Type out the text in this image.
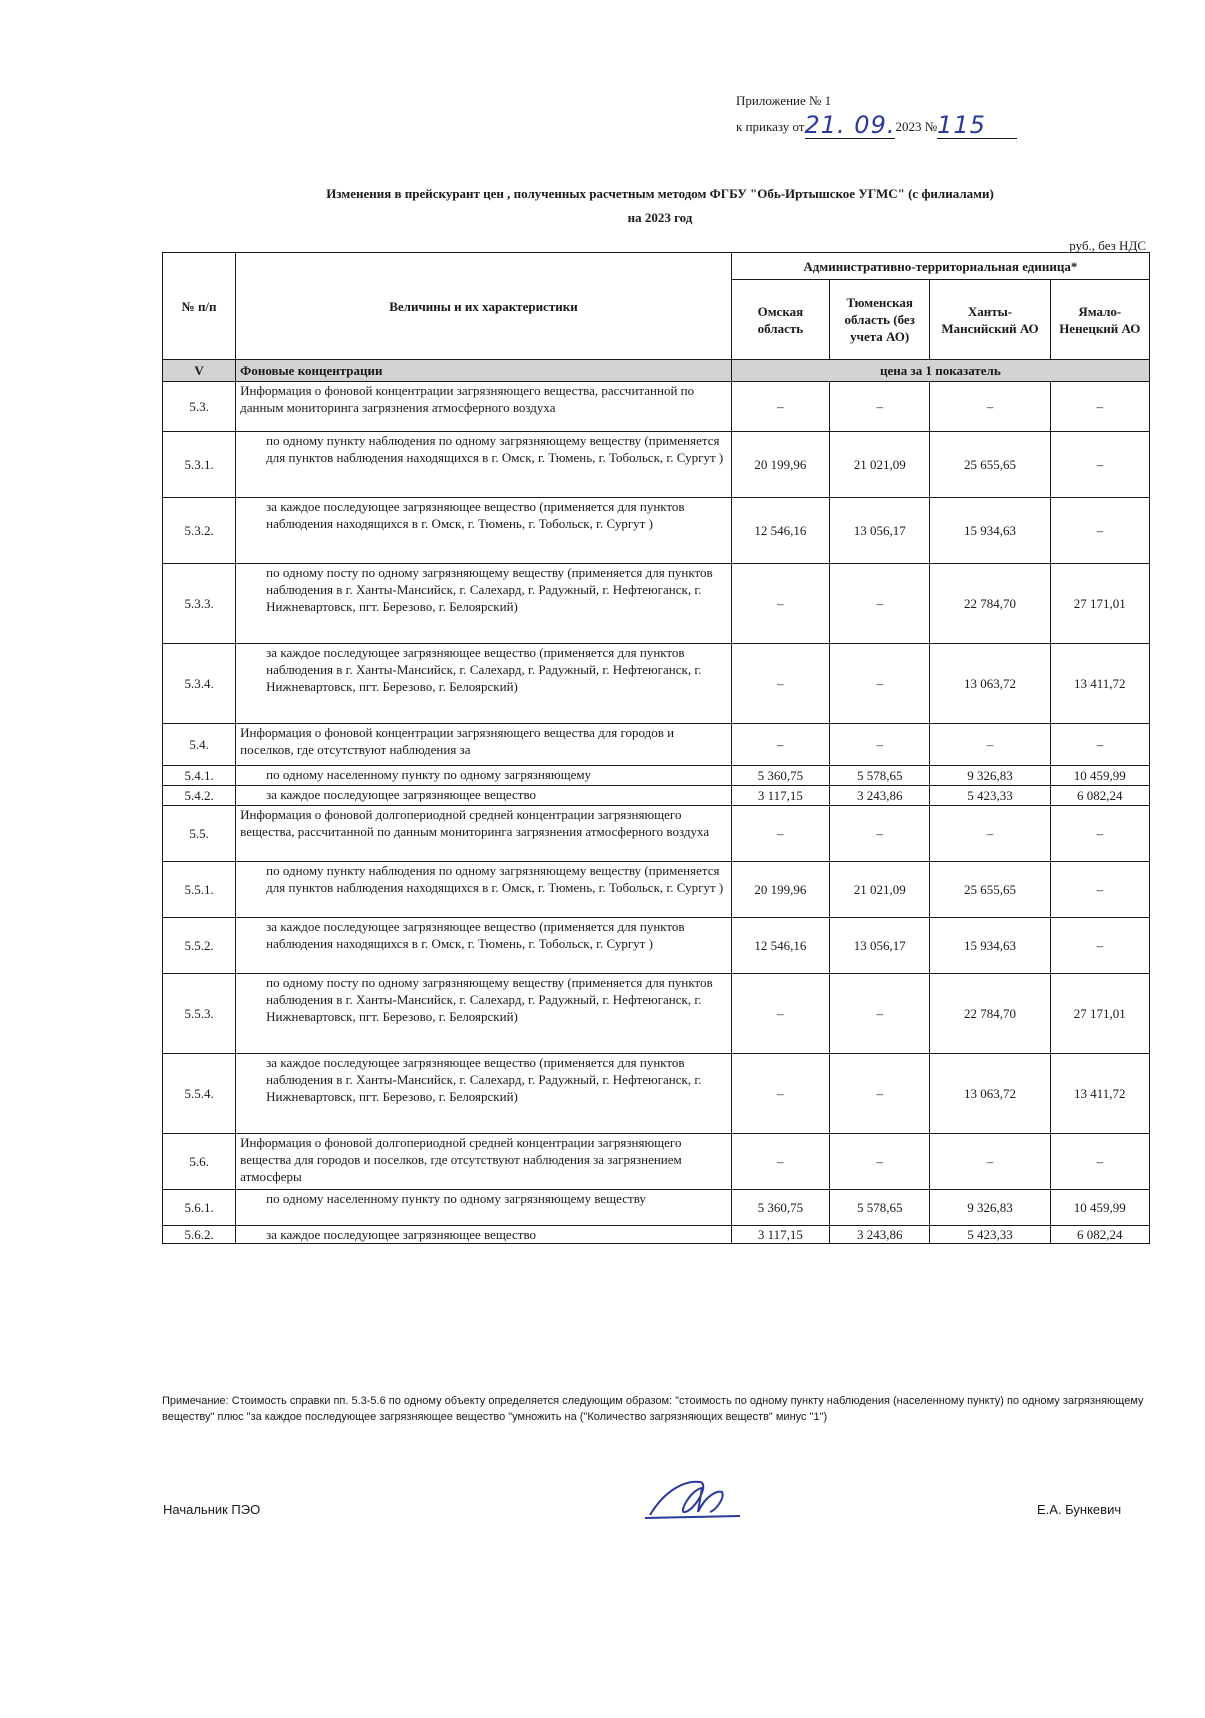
Приложение № 1
к приказу от21. 09.2023 №115
Изменения в прейскурант цен , полученных расчетным методом ФГБУ "Обь-Иртышское УГМС" (с филиалами)
на 2023 год
руб., без НДС
№ п/п	Величины и их характеристики	Административно-территориальная единица*			
		Омская область	Тюменская область (без учета АО)	Ханты-Мансийский АО	Ямало-Ненецкий АО
V	Фоновые концентрации	цена за 1 показатель			
5.3.	Информация о фоновой концентрации загрязняющего вещества, рассчитанной по данным мониторинга загрязнения атмосферного воздуха	–	–	–	–
5.3.1.	по одному пункту наблюдения по одному загрязняющему веществу (применяется для пунктов наблюдения находящихся в г. Омск, г. Тюмень, г. Тобольск, г. Сургут )	20 199,96	21 021,09	25 655,65	–
5.3.2.	за каждое последующее загрязняющее вещество (применяется для пунктов наблюдения находящихся в г. Омск, г. Тюмень, г. Тобольск, г. Сургут )	12 546,16	13 056,17	15 934,63	–
5.3.3.	по одному посту по одному загрязняющему веществу (применяется для пунктов наблюдения в г. Ханты-Мансийск, г. Салехард, г. Радужный, г. Нефтеюганск, г. Нижневартовск, пгт. Березово, г. Белоярский)	–	–	22 784,70	27 171,01
5.3.4.	за каждое последующее загрязняющее вещество (применяется для пунктов наблюдения в г. Ханты-Мансийск, г. Салехард, г. Радужный, г. Нефтеюганск, г. Нижневартовск, пгт. Березово, г. Белоярский)	–	–	13 063,72	13 411,72
5.4.	Информация о фоновой концентрации загрязняющего вещества для городов и поселков, где отсутствуют наблюдения за	–	–	–	–
5.4.1.	по одному населенному пункту по одному загрязняющему	5 360,75	5 578,65	9 326,83	10 459,99
5.4.2.	за каждое последующее загрязняющее вещество	3 117,15	3 243,86	5 423,33	6 082,24
5.5.	Информация о фоновой долгопериодной средней концентрации загрязняющего вещества, рассчитанной по данным мониторинга загрязнения атмосферного воздуха	–	–	–	–
5.5.1.	по одному пункту наблюдения по одному загрязняющему веществу (применяется для пунктов наблюдения находящихся в г. Омск, г. Тюмень, г. Тобольск, г. Сургут )	20 199,96	21 021,09	25 655,65	–
5.5.2.	за каждое последующее загрязняющее вещество (применяется для пунктов наблюдения находящихся в г. Омск, г. Тюмень, г. Тобольск, г. Сургут )	12 546,16	13 056,17	15 934,63	–
5.5.3.	по одному посту по одному загрязняющему веществу (применяется для пунктов наблюдения в г. Ханты-Мансийск, г. Салехард, г. Радужный, г. Нефтеюганск, г. Нижневартовск, пгт. Березово, г. Белоярский)	–	–	22 784,70	27 171,01
5.5.4.	за каждое последующее загрязняющее вещество (применяется для пунктов наблюдения в г. Ханты-Мансийск, г. Салехард, г. Радужный, г. Нефтеюганск, г. Нижневартовск, пгт. Березово, г. Белоярский)	–	–	13 063,72	13 411,72
5.6.	Информация о фоновой долгопериодной средней концентрации загрязняющего вещества для городов и поселков, где отсутствуют наблюдения за загрязнением атмосферы	–	–	–	–
5.6.1.	по одному населенному пункту по одному загрязняющему веществу	5 360,75	5 578,65	9 326,83	10 459,99
5.6.2.	за каждое последующее загрязняющее вещество	3 117,15	3 243,86	5 423,33	6 082,24
Примечание: Стоимость справки пп. 5.3-5.6 по одному объекту определяется следующим образом: "стоимость по одному пункту наблюдения (населенному пункту) по одному загрязняющему веществу" плюс "за каждое последующее загрязняющее вещество "умножить на ("Количество загрязняющих веществ" минус "1")
Начальник ПЭО	Е.А. Бункевич
